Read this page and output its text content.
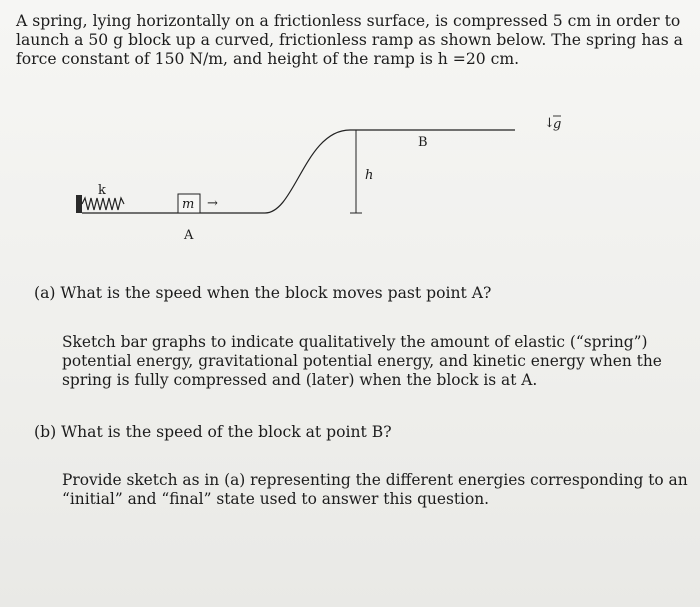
A spring, lying horizontally on a frictionless surface, is compressed 5 cm in order to
launch a 50 g block up a curved, frictionless ramp as shown below. The spring has a
force constant of 150 N/m, and height of the ramp is h =20 cm.

k
m →
A
h
B
↓
g

(a) What is the speed when the block moves past point A?

Sketch bar graphs to indicate qualitatively the amount of elastic (“spring”)
potential energy, gravitational potential energy, and kinetic energy when the
spring is fully compressed and (later) when the block is at A.

(b) What is the speed of the block at point B?

Provide sketch as in (a) representing the different energies corresponding to an
“initial” and “final” state used to answer this question.
